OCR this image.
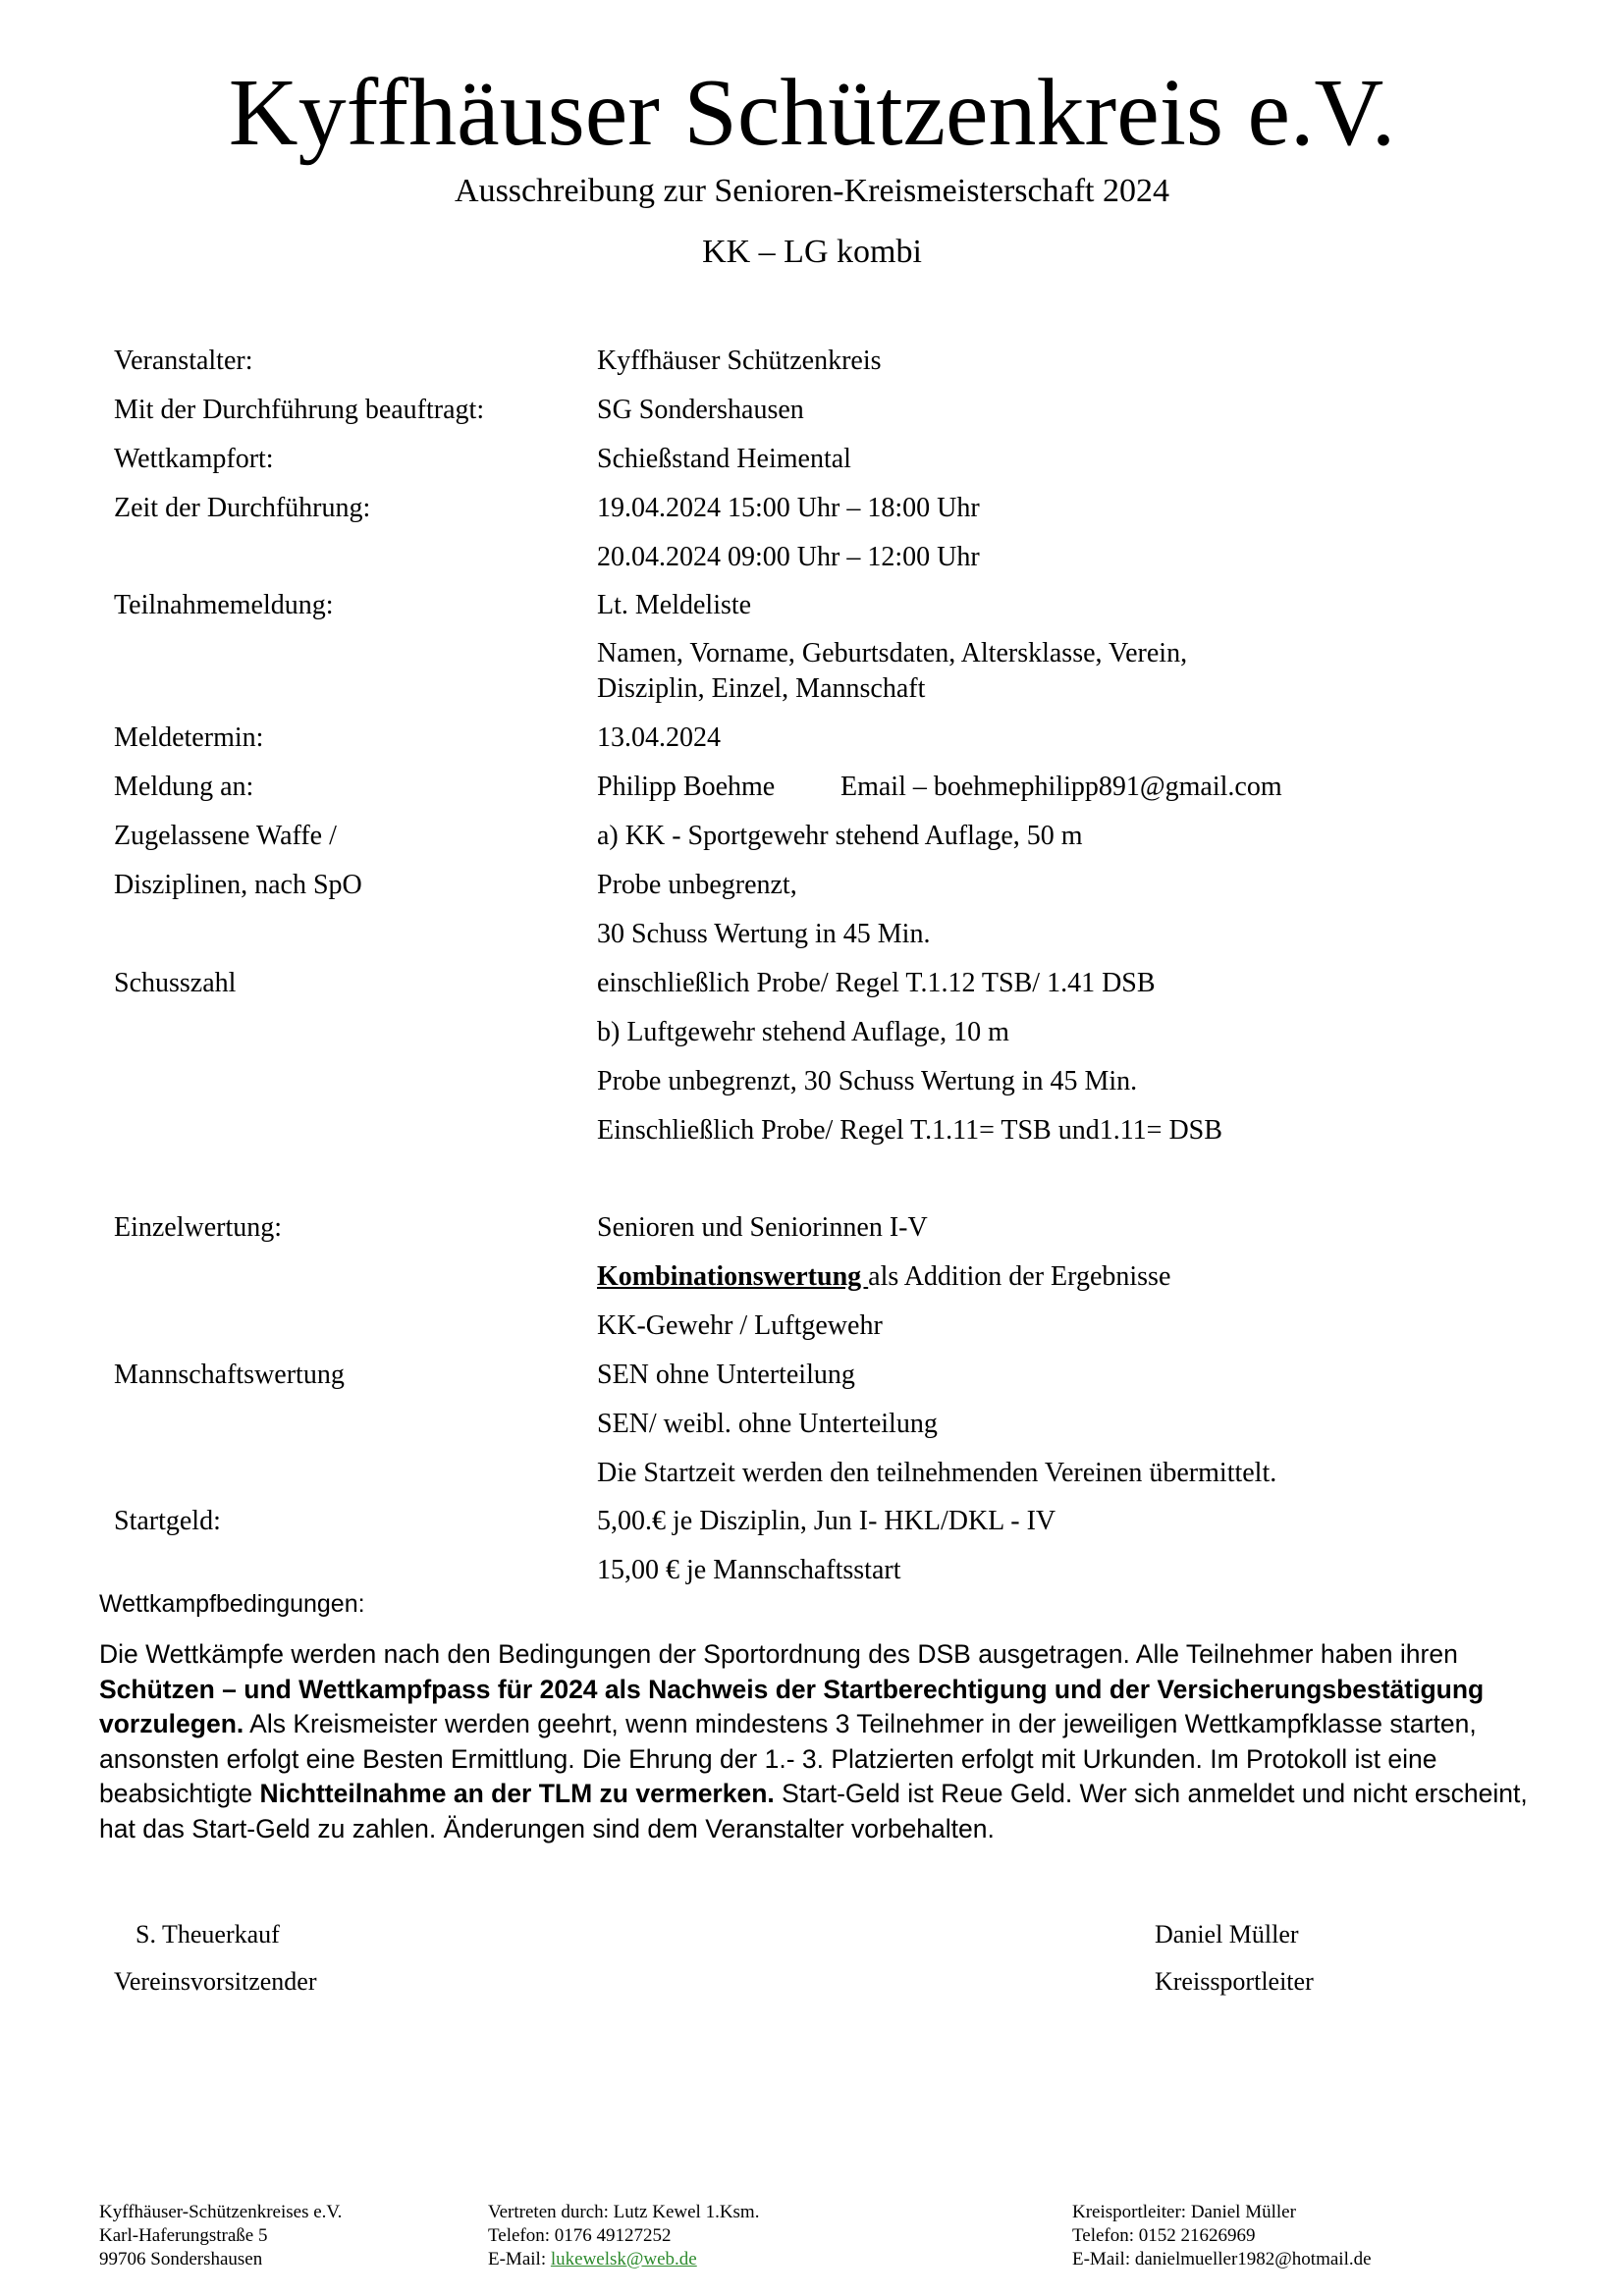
Kyffhäuser Schützenkreis e.V.
Ausschreibung zur Senioren-Kreismeisterschaft 2024
KK – LG kombi
Veranstalter:	Kyffhäuser Schützenkreis
Mit der Durchführung beauftragt:	SG Sondershausen
Wettkampfort:	Schießstand Heimental
Zeit der Durchführung:	19.04.2024 15:00 Uhr – 18:00 Uhr
20.04.2024 09:00 Uhr – 12:00 Uhr
Teilnahmemeldung:	Lt. Meldeliste
Namen, Vorname, Geburtsdaten, Altersklasse, Verein,
Disziplin, Einzel, Mannschaft
Meldetermin:	13.04.2024
Meldung an:	Philipp Boehme	Email – boehmephilipp891@gmail.com
Zugelassene Waffe /	a) KK - Sportgewehr stehend Auflage, 50 m
Disziplinen, nach SpO	Probe unbegrenzt,
30 Schuss Wertung in 45 Min.
Schusszahl	einschließlich Probe/ Regel T.1.12 TSB/ 1.41 DSB
b) Luftgewehr stehend Auflage, 10 m
Probe unbegrenzt, 30 Schuss Wertung in 45 Min.
Einschließlich Probe/ Regel T.1.11= TSB und1.11= DSB
Einzelwertung:	Senioren und Seniorinnen I-V
Kombinationswertung als Addition der Ergebnisse
KK-Gewehr / Luftgewehr
Mannschaftswertung	SEN ohne Unterteilung
SEN/ weibl. ohne Unterteilung
Die Startzeit werden den teilnehmenden Vereinen übermittelt.
Startgeld:	5,00.€ je Disziplin, Jun I- HKL/DKL - IV
15,00 € je Mannschaftsstart
Wettkampfbedingungen:
Die Wettkämpfe werden nach den Bedingungen der Sportordnung des DSB ausgetragen. Alle Teilnehmer haben ihren Schützen – und Wettkampfpass für 2024 als Nachweis der Startberechtigung und der Versicherungsbestätigung vorzulegen. Als Kreismeister werden geehrt, wenn mindestens 3 Teilnehmer in der jeweiligen Wettkampfklasse starten, ansonsten erfolgt eine Besten Ermittlung. Die Ehrung der 1.- 3. Platzierten erfolgt mit Urkunden. Im Protokoll ist eine beabsichtigte Nichtteilnahme an der TLM zu vermerken. Start-Geld ist Reue Geld. Wer sich anmeldet und nicht erscheint, hat das Start-Geld zu zahlen. Änderungen sind dem Veranstalter vorbehalten.
S. Theuerkauf
Vereinsvorsitzender
Daniel Müller
Kreissportleiter
Kyffhäuser-Schützenkreises e.V.
Karl-Haferungstraße 5
99706 Sondershausen
Vertreten durch: Lutz Kewel 1.Ksm.
Telefon: 0176 49127252
E-Mail: lukewelsk@web.de
Kreisportleiter: Daniel Müller
Telefon: 0152 21626969
E-Mail: danielmueller1982@hotmail.de
